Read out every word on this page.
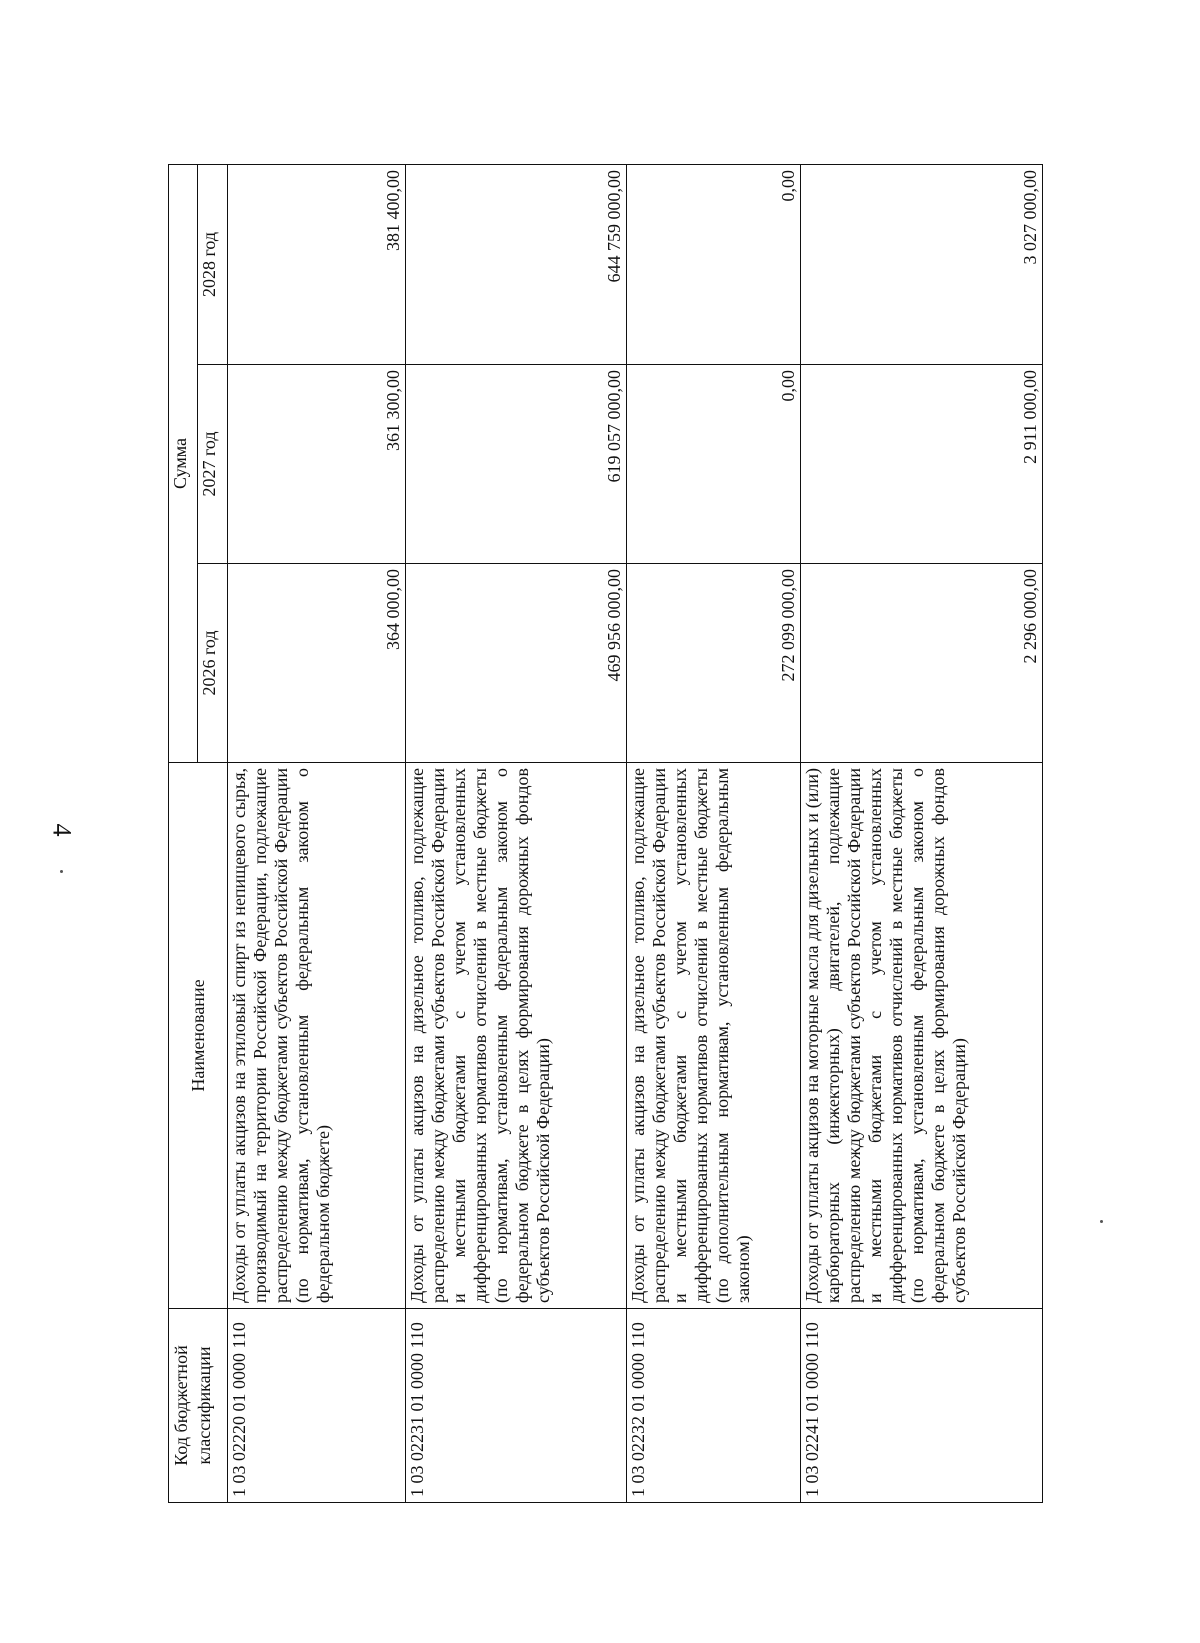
4
Код бюджетной классификации	Наименование	Сумма		
		2026 год	2027 год	2028 год
1 03 02220 01 0000 110	Доходы от уплаты акцизов на этиловый спирт из непищевого сырья, производимый на территории Российской Федерации, подлежащие распределению между бюджетами субъектов Российской Федерации (по нормативам, установленным федеральным законом о федеральном бюджете)	364 000,00	361 300,00	381 400,00
1 03 02231 01 0000 110	Доходы от уплаты акцизов на дизельное топливо, подлежащие распределению между бюджетами субъектов Российской Федерации и местными бюджетами с учетом установленных дифференцированных нормативов отчислений в местные бюджеты (по нормативам, установленным федеральным законом о федеральном бюджете в целях формирования дорожных фондов субъектов Российской Федерации)	469 956 000,00	619 057 000,00	644 759 000,00
1 03 02232 01 0000 110	Доходы от уплаты акцизов на дизельное топливо, подлежащие распределению между бюджетами субъектов Российской Федерации и местными бюджетами с учетом установленных дифференцированных нормативов отчислений в местные бюджеты (по дополнительным нормативам, установленным федеральным законом)	272 099 000,00	0,00	0,00
1 03 02241 01 0000 110	Доходы от уплаты акцизов на моторные масла для дизельных и (или) карбюраторных (инжекторных) двигателей, подлежащие распределению между бюджетами субъектов Российской Федерации и местными бюджетами с учетом установленных дифференцированных нормативов отчислений в местные бюджеты (по нормативам, установленным федеральным законом о федеральном бюджете в целях формирования дорожных фондов субъектов Российской Федерации)	2 296 000,00	2 911 000,00	3 027 000,00
